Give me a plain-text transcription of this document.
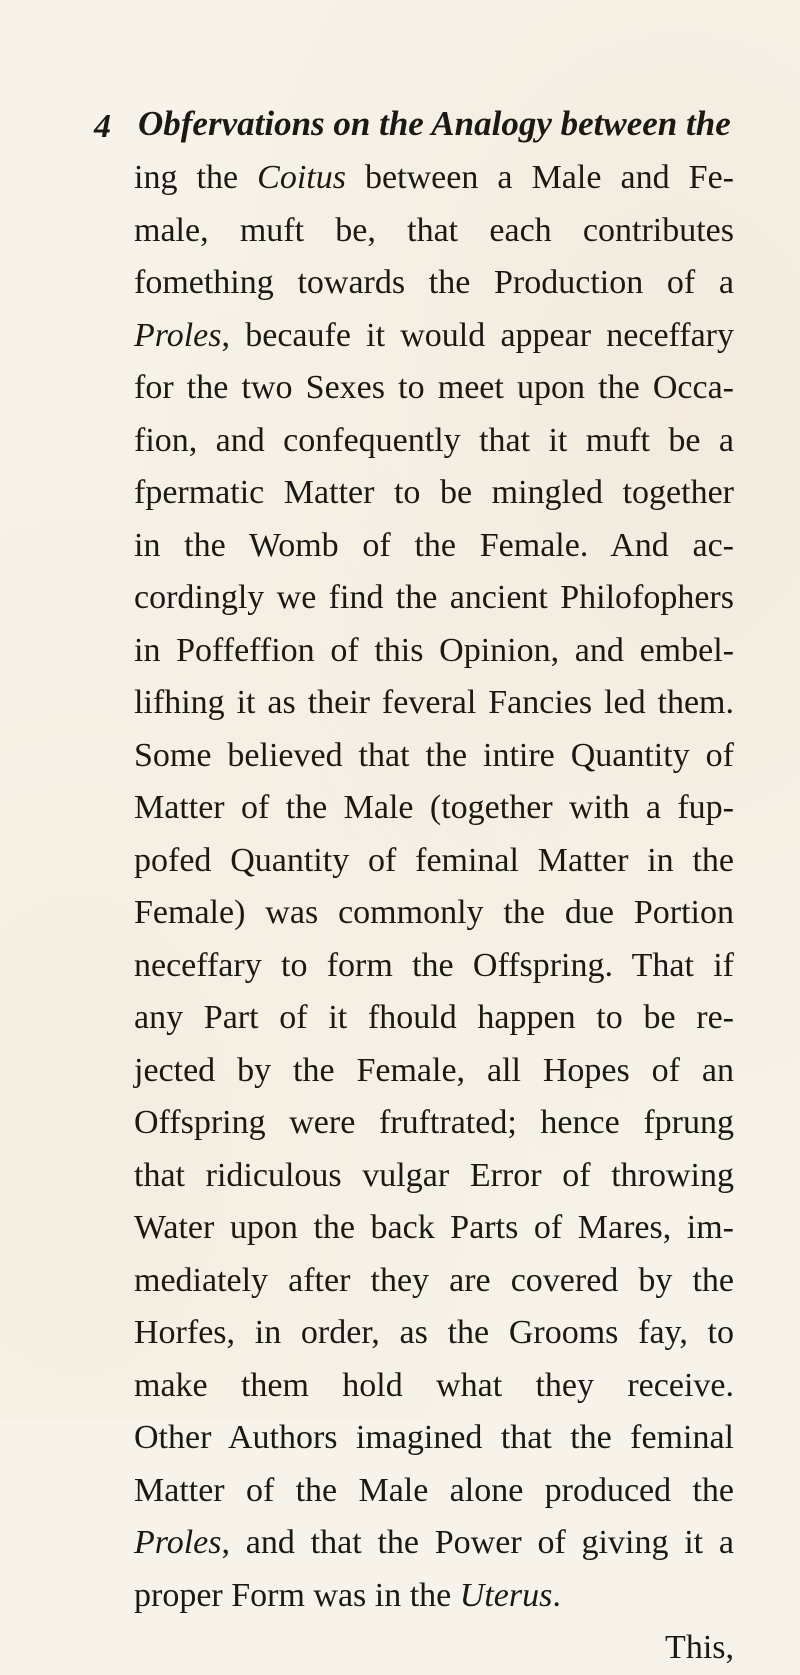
4 Obfervations on the Analogy between the
ing the Coitus between a Male and Fe-
male, muft be, that each contributes
fomething towards the Production of a
Proles, becaufe it would appear neceffary
for the two Sexes to meet upon the Occa-
fion, and confequently that it muft be a
fpermatic Matter to be mingled together
in the Womb of the Female. And ac-
cordingly we find the ancient Philofophers
in Poffeffion of this Opinion, and embel-
lifhing it as their feveral Fancies led them.
Some believed that the intire Quantity of
Matter of the Male (together with a fup-
pofed Quantity of feminal Matter in the
Female) was commonly the due Portion
neceffary to form the Offspring. That if
any Part of it fhould happen to be re-
jected by the Female, all Hopes of an
Offspring were fruftrated; hence fprung
that ridiculous vulgar Error of throwing
Water upon the back Parts of Mares, im-
mediately after they are covered by the
Horfes, in order, as the Grooms fay, to
make them hold what they receive.
Other Authors imagined that the feminal
Matter of the Male alone produced the
Proles, and that the Power of giving it a
proper Form was in the Uterus.
This,
